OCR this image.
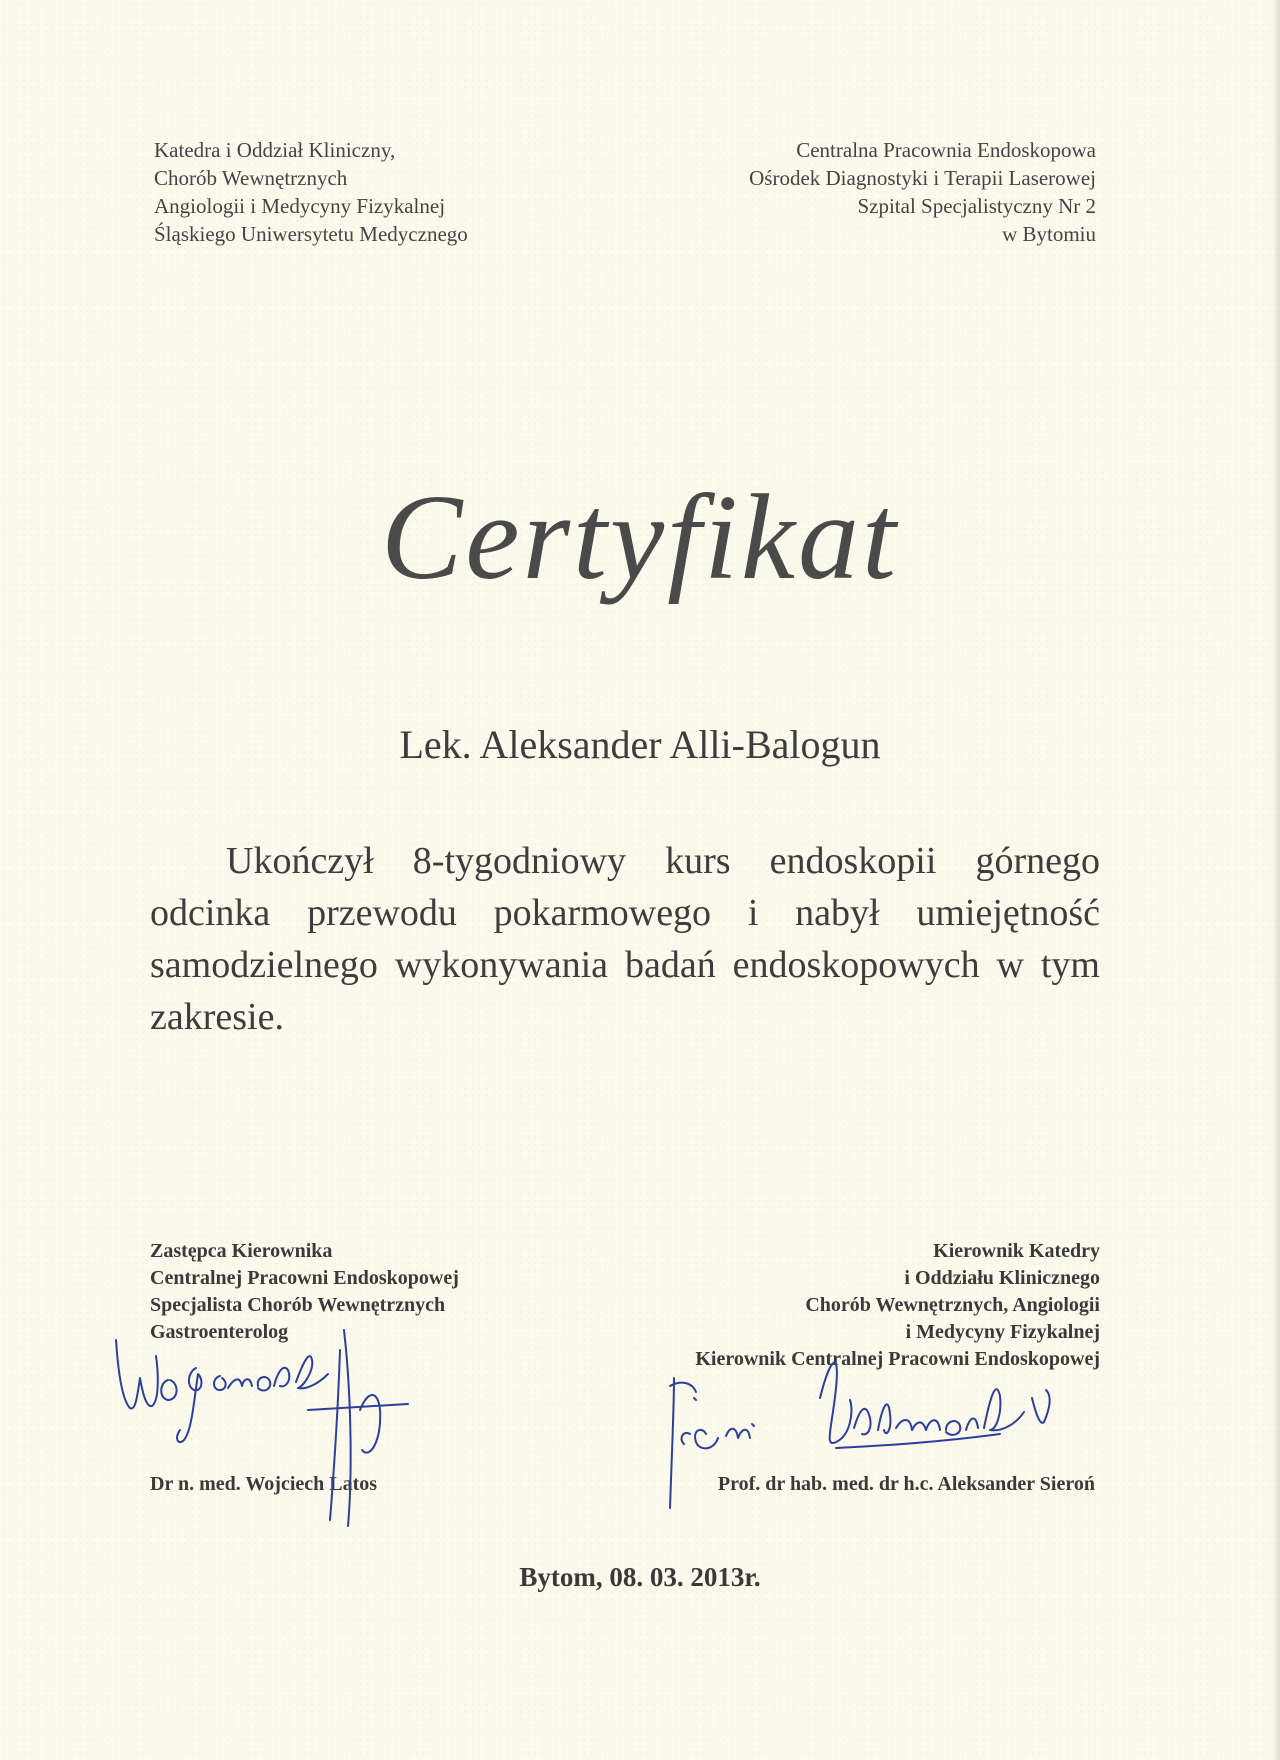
Katedra i Oddział Kliniczny,
Chorób Wewnętrznych
Angiologii i Medycyny Fizykalnej
Śląskiego Uniwersytetu Medycznego
Centralna Pracownia Endoskopowa
Ośrodek Diagnostyki i Terapii Laserowej
Szpital Specjalistyczny Nr 2
w Bytomiu
Certyfikat
Lek. Aleksander Alli-Balogun
Ukończył 8-tygodniowy kurs endoskopii górnego odcinka przewodu pokarmowego i nabył umiejętność samodzielnego wykonywania badań endoskopowych w tym zakresie.
Zastępca Kierownika
Centralnej Pracowni Endoskopowej
Specjalista Chorób Wewnętrznych
Gastroenterolog
Kierownik Katedry
i Oddziału Klinicznego
Chorób Wewnętrznych, Angiologii
i Medycyny Fizykalnej
Kierownik Centralnej Pracowni Endoskopowej
Dr n. med. Wojciech Latos	Prof. dr hab. med. dr h.c. Aleksander Sieroń
Bytom, 08. 03. 2013r.
